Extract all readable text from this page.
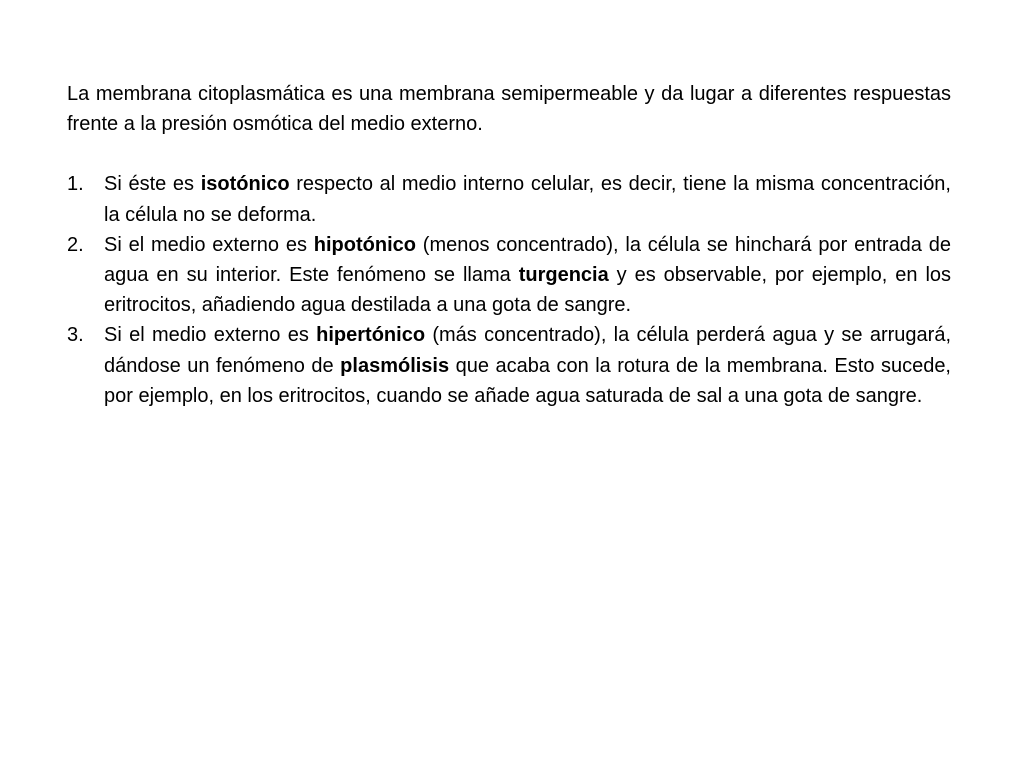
La membrana citoplasmática es una membrana semipermeable y da lugar a diferentes respuestas frente a la presión osmótica del medio externo.

1. Si éste es isotónico respecto al medio interno celular, es decir, tiene la misma concentración, la célula no se deforma.
2. Si el medio externo es hipotónico (menos concentrado), la célula se hinchará por entrada de agua en su interior. Este fenómeno se llama turgencia y es observable, por ejemplo, en los eritrocitos, añadiendo agua destilada a una gota de sangre.
3. Si el medio externo es hipertónico (más concentrado), la célula perderá agua y se arrugará, dándose un fenómeno de plasmólisis que acaba con la rotura de la membrana. Esto sucede, por ejemplo, en los eritrocitos, cuando se añade agua saturada de sal a una gota de sangre.
